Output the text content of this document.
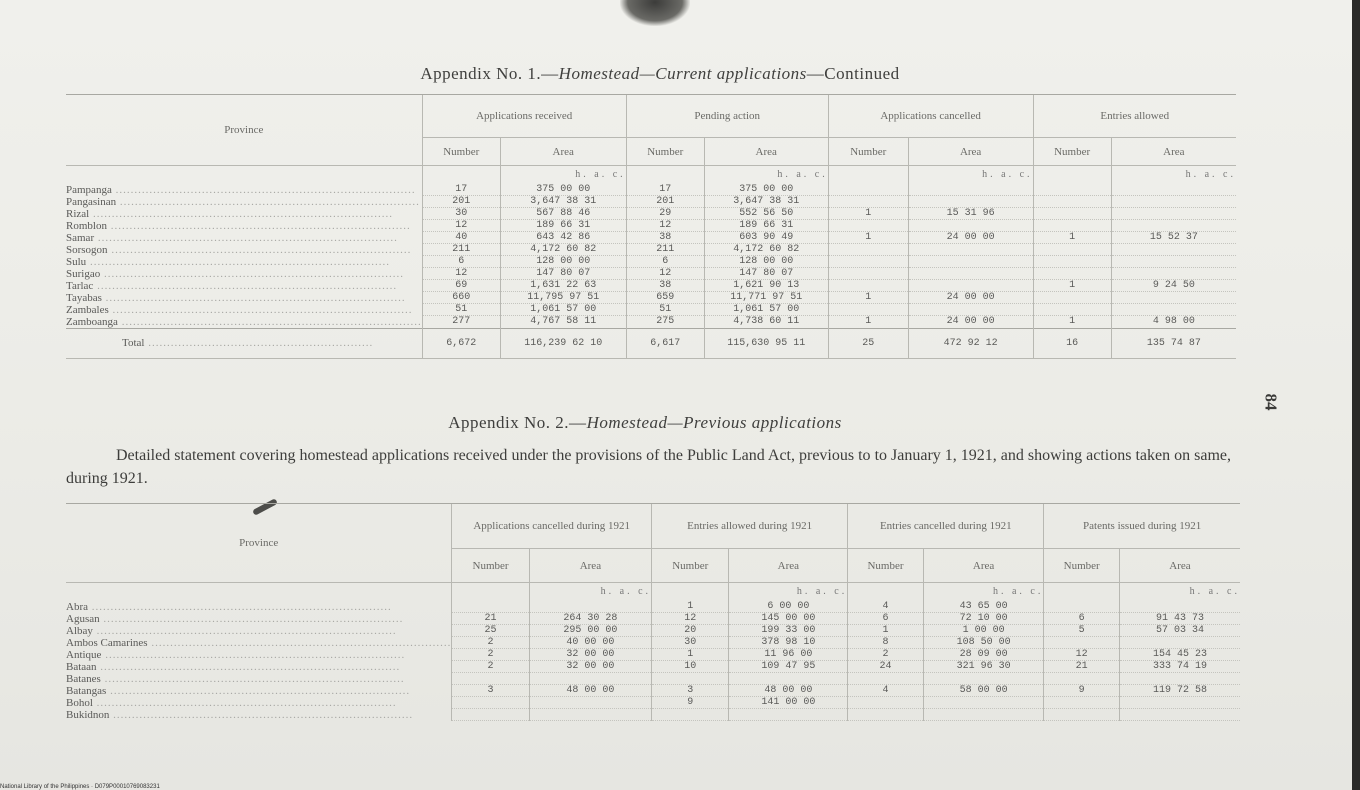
Appendix No. 1.—Homestead—Current applications—Continued
Province	Applications received		Pending action		Applications cancelled		Entries allowed	
	Number	Area	Number	Area	Number	Area	Number	Area
		h. a. c.		h. a. c.		h. a. c.		h. a. c.
Pampanga ................................................................................	17	375 00 00	17	375 00 00				
Pangasinan ................................................................................	201	3,647 38 31	201	3,647 38 31				
Rizal ................................................................................	30	567 88 46	29	552 56 50	1	15 31 96		
Romblon ................................................................................	12	189 66 31	12	189 66 31				
Samar ................................................................................	40	643 42 86	38	603 90 49	1	24 00 00	1	15 52 37
Sorsogon ................................................................................	211	4,172 60 82	211	4,172 60 82				
Sulu ................................................................................	6	128 00 00	6	128 00 00				
Surigao ................................................................................	12	147 80 07	12	147 80 07				
Tarlac ................................................................................	69	1,631 22 63	38	1,621 90 13			1	9 24 50
Tayabas ................................................................................	660	11,795 97 51	659	11,771 97 51	1	24 00 00		
Zambales ................................................................................	51	1,061 57 00	51	1,061 57 00				
Zamboanga ................................................................................	277	4,767 58 11	275	4,738 60 11	1	24 00 00	1	4 98 00
Total ............................................................	6,672	116,239 62 10	6,617	115,630 95 11	25	472 92 12	16	135 74 87
Appendix No. 2.—Homestead—Previous applications
Detailed statement covering homestead applications received under the provisions of the Public Land Act, previous to to January 1, 1921, and showing actions taken on same, during 1921.
Province	Applications cancelled during 1921		Entries allowed during 1921		Entries cancelled during 1921		Patents issued during 1921	
	Number	Area	Number	Area	Number	Area	Number	Area
		h. a. c.		h. a. c.		h. a. c.		h. a. c.
Abra ................................................................................			1	6 00 00	4	43 65 00		
Agusan ................................................................................	21	264 30 28	12	145 00 00	6	72 10 00	6	91 43 73
Albay ................................................................................	25	295 00 00	20	199 33 00	1	1 00 00	5	57 03 34
Ambos Camarines ................................................................................	2	40 00 00	30	378 98 10	8	108 50 00		
Antique ................................................................................	2	32 00 00	1	11 96 00	2	28 09 00	12	154 45 23
Bataan ................................................................................	2	32 00 00	10	109 47 95	24	321 96 30	21	333 74 19
Batanes ................................................................................								
Batangas ................................................................................	3	48 00 00	3	48 00 00	4	58 00 00	9	119 72 58
Bohol ................................................................................			9	141 00 00				
Bukidnon ................................................................................								
84
National Library of the Philippines · D079P00010769083231
